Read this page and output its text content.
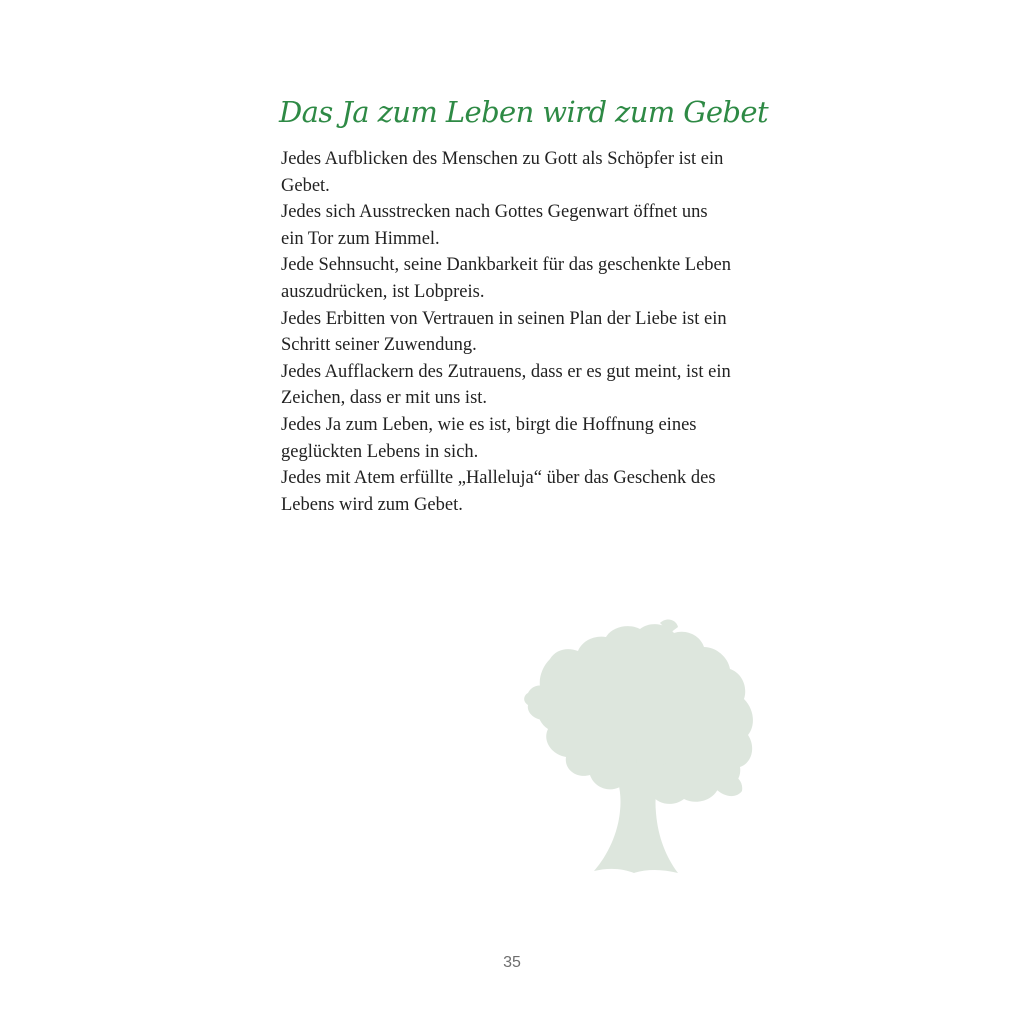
Das Ja zum Leben wird zum Gebet
Jedes Aufblicken des Menschen zu Gott als Schöpfer ist ein
Gebet.
Jedes sich Ausstrecken nach Gottes Gegenwart öffnet uns
ein Tor zum Himmel.
Jede Sehnsucht, seine Dankbarkeit für das geschenkte Leben
auszudrücken, ist Lobpreis.
Jedes Erbitten von Vertrauen in seinen Plan der Liebe ist ein
Schritt seiner Zuwendung.
Jedes Aufflackern des Zutrauens, dass er es gut meint, ist ein
Zeichen, dass er mit uns ist.
Jedes Ja zum Leben, wie es ist, birgt die Hoffnung eines
geglückten Lebens in sich.
Jedes mit Atem erfüllte „Halleluja“ über das Geschenk des
Lebens wird zum Gebet.
35
